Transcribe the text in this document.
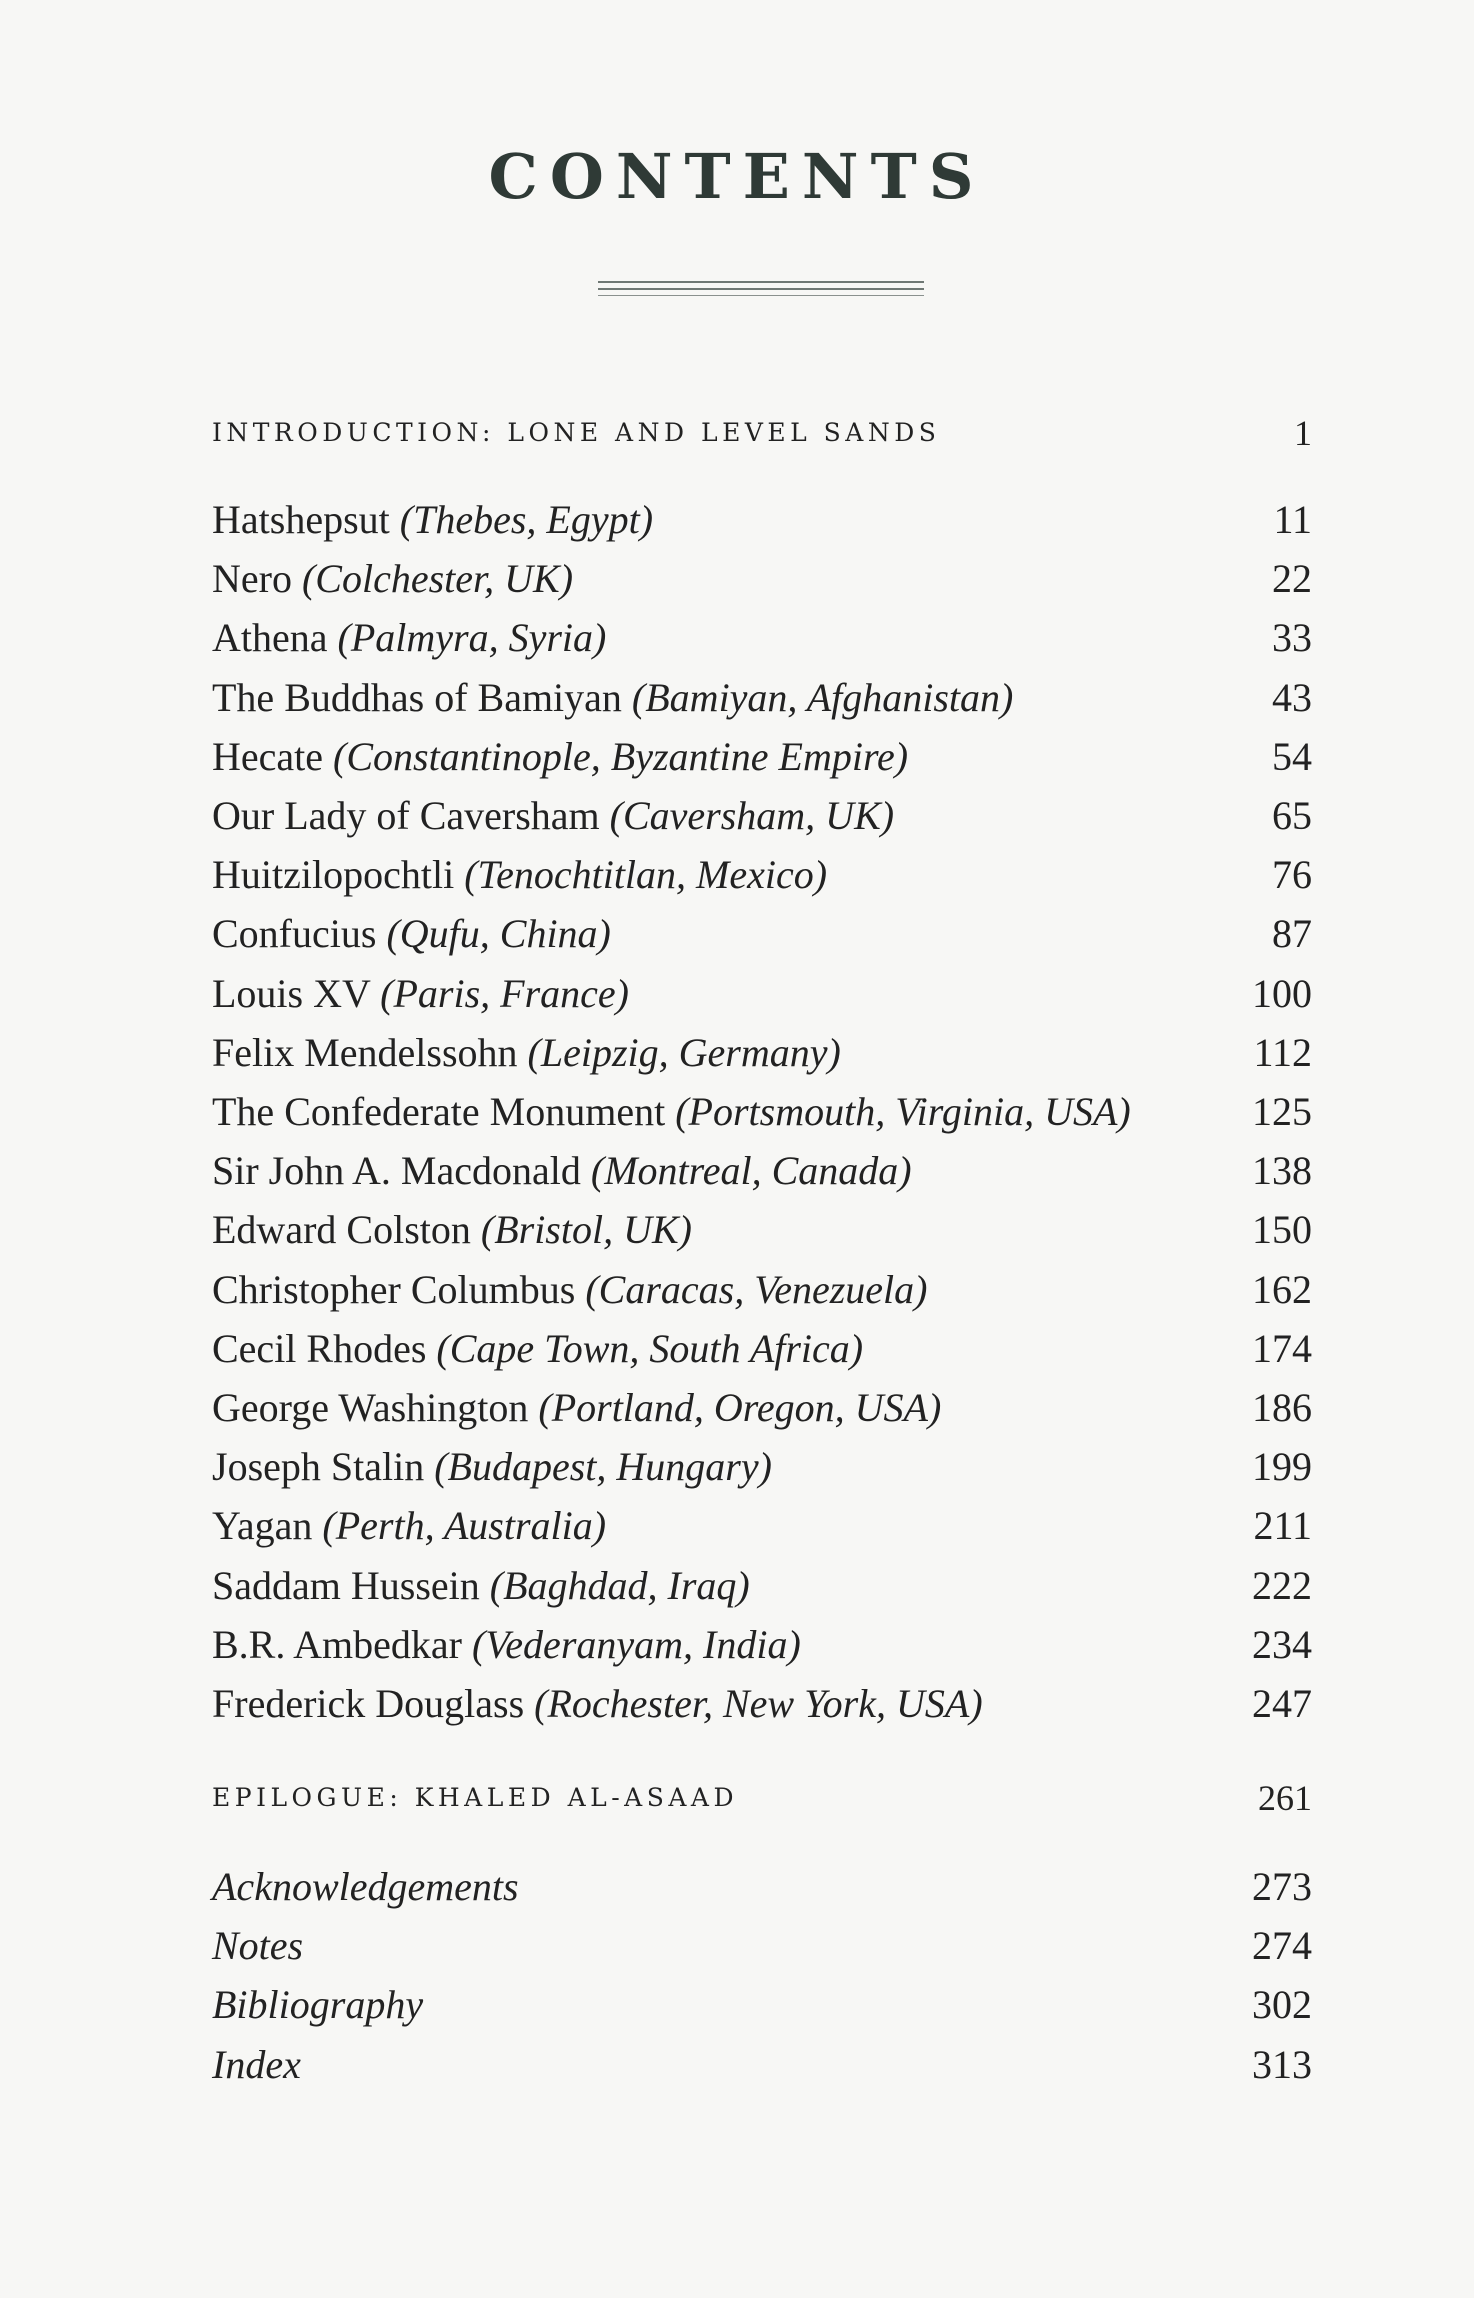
CONTENTS
INTRODUCTION: LONE AND LEVEL SANDS	1
Hatshepsut (Thebes, Egypt)	11
Nero (Colchester, UK)	22
Athena (Palmyra, Syria)	33
The Buddhas of Bamiyan (Bamiyan, Afghanistan)	43
Hecate (Constantinople, Byzantine Empire)	54
Our Lady of Caversham (Caversham, UK)	65
Huitzilopochtli (Tenochtitlan, Mexico)	76
Confucius (Qufu, China)	87
Louis XV (Paris, France)	100
Felix Mendelssohn (Leipzig, Germany)	112
The Confederate Monument (Portsmouth, Virginia, USA)	125
Sir John A. Macdonald (Montreal, Canada)	138
Edward Colston (Bristol, UK)	150
Christopher Columbus (Caracas, Venezuela)	162
Cecil Rhodes (Cape Town, South Africa)	174
George Washington (Portland, Oregon, USA)	186
Joseph Stalin (Budapest, Hungary)	199
Yagan (Perth, Australia)	211
Saddam Hussein (Baghdad, Iraq)	222
B.R. Ambedkar (Vederanyam, India)	234
Frederick Douglass (Rochester, New York, USA)	247
EPILOGUE: KHALED AL-ASAAD	261
Acknowledgements	273
Notes	274
Bibliography	302
Index	313
